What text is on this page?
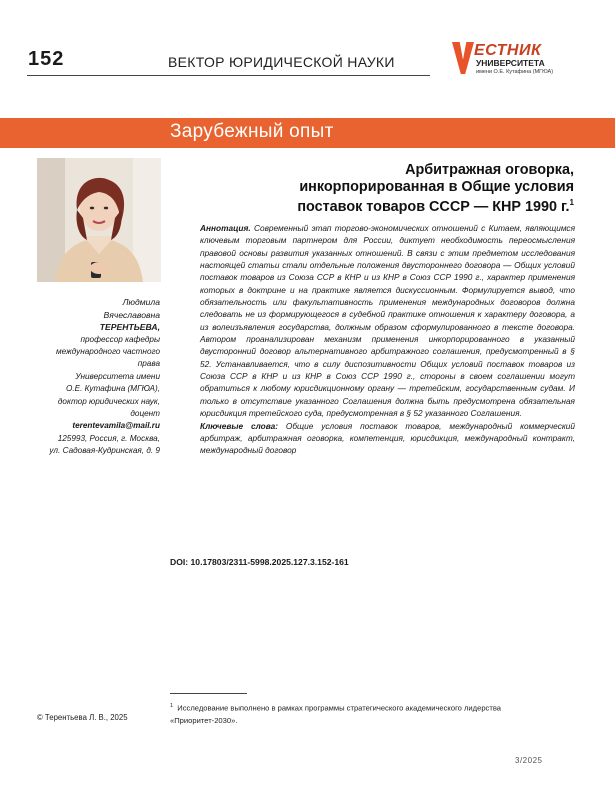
152	ВЕКТОР ЮРИДИЧЕСКОЙ НАУКИ
ЕСТНИК
УНИВЕРСИТЕТА
имени О.Е. Кутафина (МГЮА)
Зарубежный опыт
Арбитражная оговорка,
инкорпорированная в Общие условия
поставок товаров СССР — КНР 1990 г.$^1$
Людмила
Вячеславовна
ТЕРЕНТЬЕВА,
профессор кафедры
международного частного
права
Университета имени
О.Е. Кутафина (МГЮА),
доктор юридических наук,
доцент
terentevamila@mail.ru
125993, Россия, г. Москва,
ул. Садовая-Кудринская, д. 9
Аннотация. Современный этап торгово-экономических отношений с Китаем, являющимся ключевым торговым партнером для России, диктует необходимость переосмысления правовой основы развития указанных отношений. В связи с этим предметом исследования настоящей статьи стали отдельные положения двустороннего договора — Общих условий поставок товаров из Союза ССР в КНР и из КНР в Союз ССР 1990 г., характер применения которых в доктрине и на практике является дискуссионным. Формулируется вывод, что обязательность или факультативность применения международных договоров должна следовать не из формирующегося в судебной практике отношения к характеру договора, а из волеизъявления государства, должным образом сформулированного в тексте договора. Автором проанализирован механизм применения инкорпорированного в указанный двусторонний договор альтернативного арбитражного соглашения, предусмотренный в § 52. Устанавливается, что в силу диспозитивности Общих условий поставок товаров из Союза ССР в КНР и из КНР в Союз ССР 1990 г., стороны в своем соглашении могут обратиться к любому юрисдикционному органу — третейским, государственным судам. И только в отсутствие указанного Соглашения должна быть предусмотрена обязательная юрисдикция третейского суда, предусмотренная в § 52 указанного Соглашения.
Ключевые слова: Общие условия поставок товаров, международный коммерческий арбитраж, арбитражная оговорка, компетенция, юрисдикция, международный контракт, международный договор
DOI: 10.17803/2311-5998.2025.127.3.152-161
$^1$ Исследование выполнено в рамках программы стратегического академического лидерства «Приоритет-2030».
© Терентьева Л. В., 2025
3/2025
